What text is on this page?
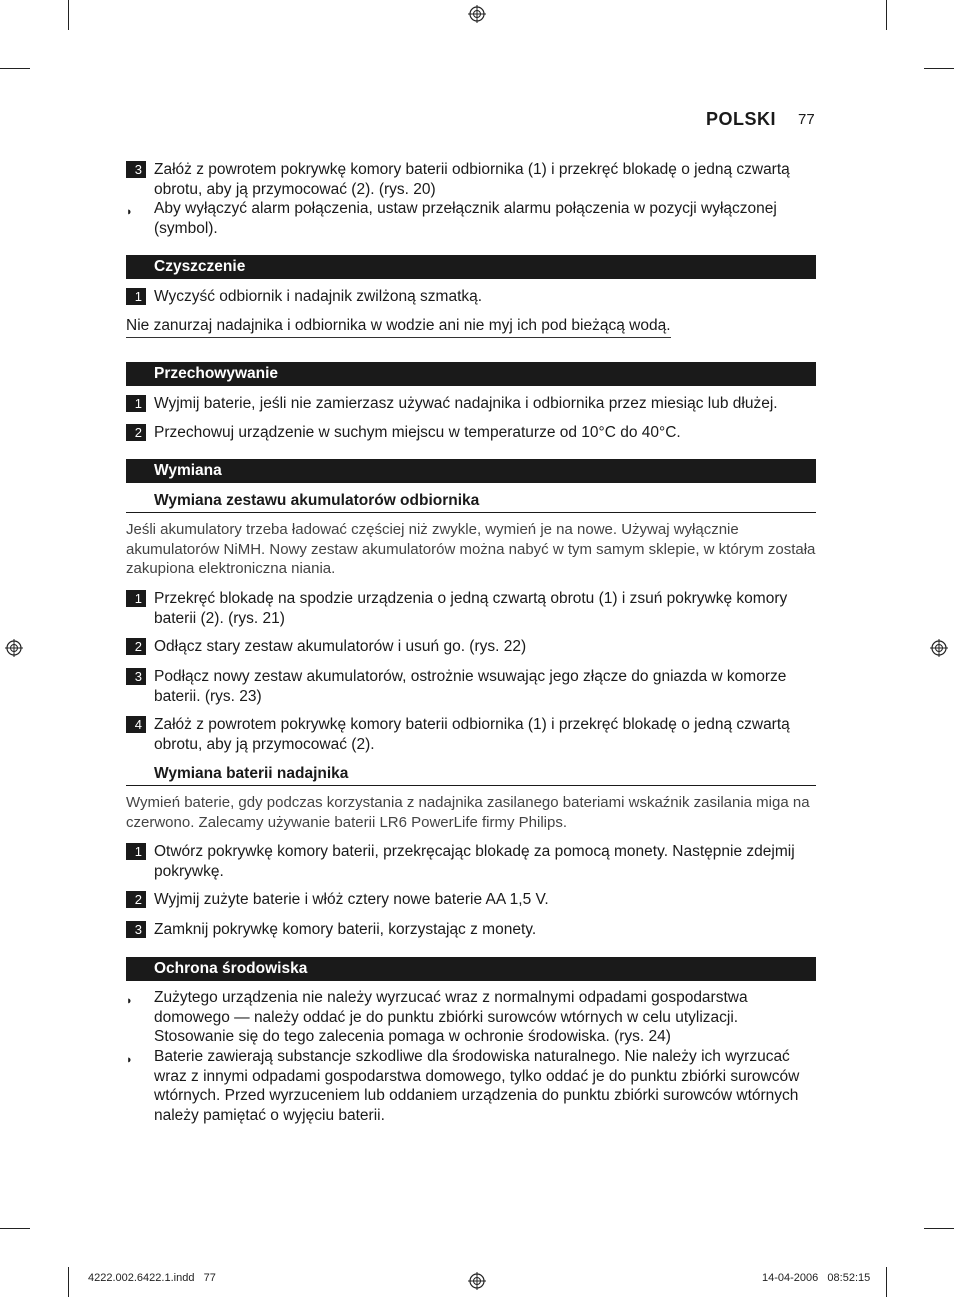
POLSKI 77
3 Załóż z powrotem pokrywkę komory baterii odbiornika (1) i przekręć blokadę o jedną czwartą obrotu, aby ją przymocować (2). (rys. 20)
◗ Aby wyłączyć alarm połączenia, ustaw przełącznik alarmu połączenia w pozycji wyłączonej (symbol).
Czyszczenie
1 Wyczyść odbiornik i nadajnik zwilżoną szmatką.
Nie zanurzaj nadajnika i odbiornika w wodzie ani nie myj ich pod bieżącą wodą.
Przechowywanie
1 Wyjmij baterie, jeśli nie zamierzasz używać nadajnika i odbiornika przez miesiąc lub dłużej.
2 Przechowuj urządzenie w suchym miejscu w temperaturze od 10°C do 40°C.
Wymiana
Wymiana zestawu akumulatorów odbiornika
Jeśli akumulatory trzeba ładować częściej niż zwykle, wymień je na nowe. Używaj wyłącznie akumulatorów NiMH. Nowy zestaw akumulatorów można nabyć w tym samym sklepie, w którym została zakupiona elektroniczna niania.
1 Przekręć blokadę na spodzie urządzenia o jedną czwartą obrotu (1) i zsuń pokrywkę komory baterii (2). (rys. 21)
2 Odłącz stary zestaw akumulatorów i usuń go. (rys. 22)
3 Podłącz nowy zestaw akumulatorów, ostrożnie wsuwając jego złącze do gniazda w komorze baterii. (rys. 23)
4 Załóż z powrotem pokrywkę komory baterii odbiornika (1) i przekręć blokadę o jedną czwartą obrotu, aby ją przymocować (2).
Wymiana baterii nadajnika
Wymień baterie, gdy podczas korzystania z nadajnika zasilanego bateriami wskaźnik zasilania miga na czerwono. Zalecamy używanie baterii LR6 PowerLife firmy Philips.
1 Otwórz pokrywkę komory baterii, przekręcając blokadę za pomocą monety. Następnie zdejmij pokrywkę.
2 Wyjmij zużyte baterie i włóż cztery nowe baterie AA 1,5 V.
3 Zamknij pokrywkę komory baterii, korzystając z monety.
Ochrona środowiska
◗ Zużytego urządzenia nie należy wyrzucać wraz z normalnymi odpadami gospodarstwa domowego — należy oddać je do punktu zbiórki surowców wtórnych w celu utylizacji. Stosowanie się do tego zalecenia pomaga w ochronie środowiska. (rys. 24)
◗ Baterie zawierają substancje szkodliwe dla środowiska naturalnego. Nie należy ich wyrzucać wraz z innymi odpadami gospodarstwa domowego, tylko oddać je do punktu zbiórki surowców wtórnych. Przed wyrzuceniem lub oddaniem urządzenia do punktu zbiórki surowców wtórnych należy pamiętać o wyjęciu baterii.
4222.002.6422.1.indd   77	14-04-2006   08:52:15
